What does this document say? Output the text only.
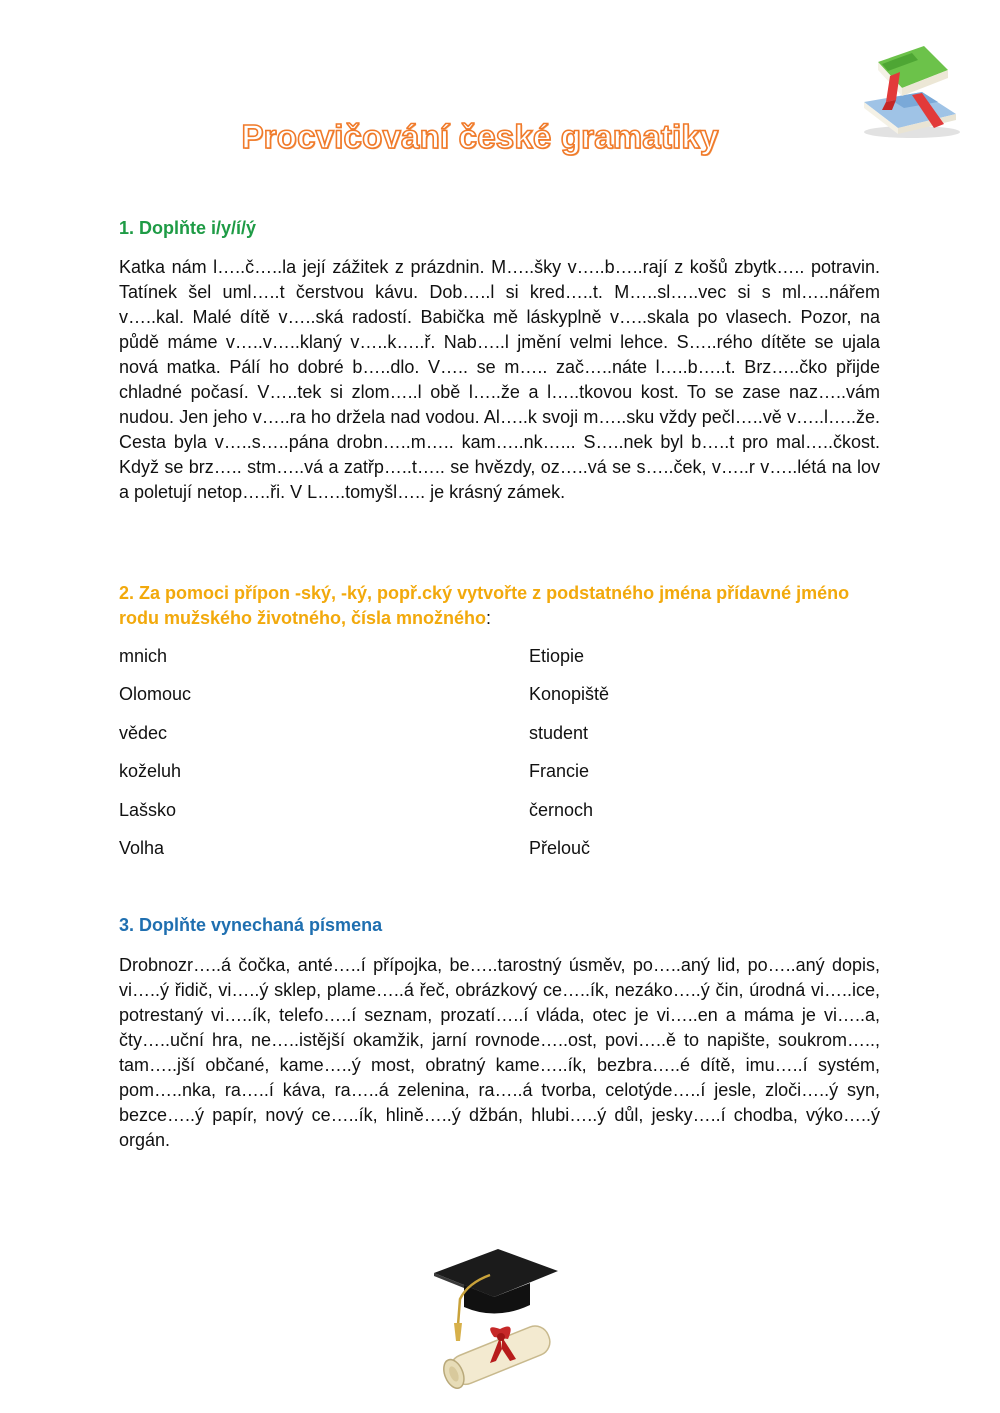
Procvičování české gramatiky
1. Doplňte i/y/í/ý

Katka nám l…..č…..la její zážitek z prázdnin. M…..šky v…..b…..rají z košů zbytk….. potravin. Tatínek šel uml…..t čerstvou kávu. Dob…..l si kred…..t. M…..sl…..vec si s ml…..nářem v…..kal. Malé dítě v…..ská radostí. Babička mě láskyplně v…..skala po vlasech. Pozor, na půdě máme v…..v…..klaný v…..k…..ř. Nab…..l jmění velmi lehce. S…..rého dítěte se ujala nová matka. Pálí ho dobré b…..dlo. V….. se m….. zač…..náte l…..b…..t. Brz…..čko přijde chladné počasí. V…..tek si zlom…..l obě l…..že a l…..tkovou kost. To se zase naz…..vám nudou. Jen jeho v…..ra ho držela nad vodou. Al…..k svoji m…..sku vždy pečl…..vě v…..l…..že. Cesta byla v…..s…..pána drobn…..m….. kam…..nk…... S…..nek byl b…..t pro mal…..čkost. Když se brz….. stm…..vá a zatřp…..t….. se hvězdy, oz…..vá se s…..ček, v…..r v…..létá na lov a poletují netop…..ři. V L…..tomyšl….. je krásný zámek.

2. Za pomoci přípon -ský, -ký, popř.cký vytvořte z podstatného jména přídavné jméno rodu mužského životného, čísla množného:
mnich	Etiopie
Olomouc	Konopiště
vědec	student
koželuh	Francie
Lašsko	černoch
Volha	Přelouč
3. Doplňte vynechaná písmena

Drobnozr…..á čočka, anté…..í přípojka, be…..tarostný úsměv, po…..aný lid, po…..aný dopis, vi…..ý řidič, vi…..ý sklep, plame…..á řeč, obrázkový ce…..ík, nezáko…..ý čin, úrodná vi…..ice, potrestaný vi…..ík, telefo…..í seznam, prozatí…..í vláda, otec je vi…..en a máma je vi…..a, čty…..uční hra, ne…..istější okamžik, jarní rovnode…..ost, povi…..ě to napište, soukrom….., tam…..jší občané, kame…..ý most, obratný kame…..ík, bezbra…..é dítě, imu…..í systém, pom…..nka, ra…..í káva, ra…..á zelenina, ra…..á tvorba, celotýde…..í jesle, zloči…..ý syn, bezce…..ý papír, nový ce…..ík, hlině…..ý džbán, hlubi…..ý důl, jesky…..í chodba, výko…..ý orgán.
